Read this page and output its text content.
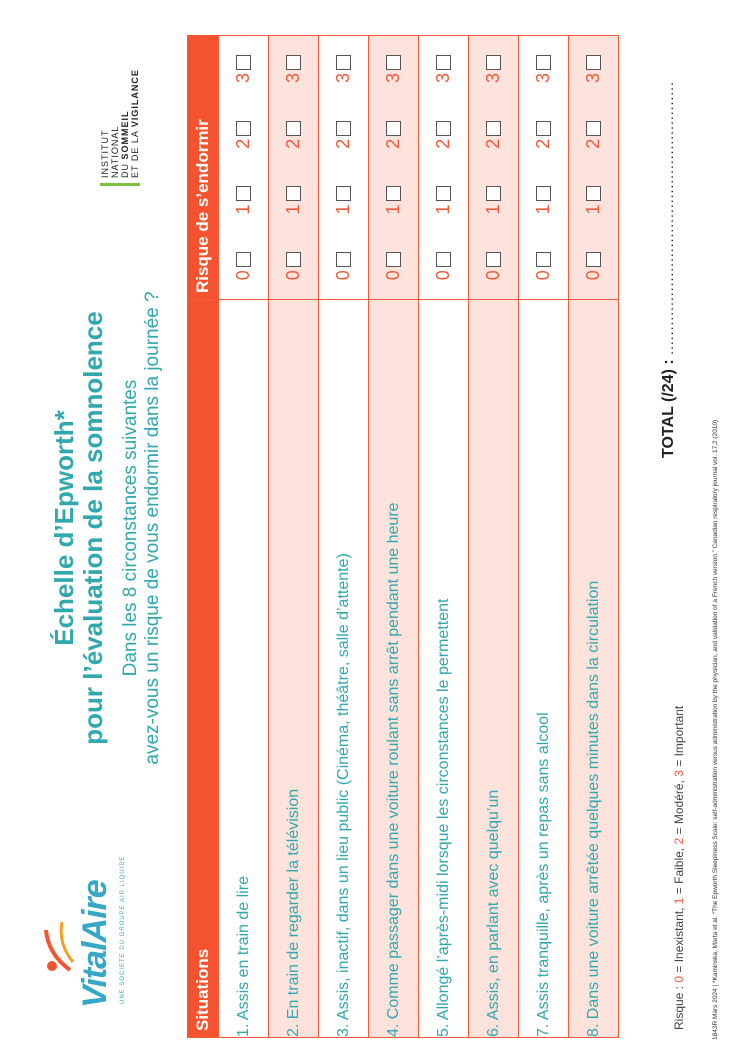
VitalAire UNE SOCIETE DU GROUPE AIR LIQUIDE
Échelle d’Epworth* pour l’évaluation de la somnolence Dans les 8 circonstances suivantes avez-vous un risque de vous endormir dans la journée ?
INSTITUT NATIONAL DU SOMMEIL ET DE LA VIGILANCE
Situations	Risque de s’endormir
1. Assis en train de lire	0
1
2
3

2. En train de regarder la télévision	0
1
2
3

3. Assis, inactif, dans un lieu public (Cinéma, théâtre, salle d’attente)	0
1
2
3

4. Comme passager dans une voiture roulant sans arrêt pendant une heure	0
1
2
3

5. Allongé l’après-midi lorsque les circonstances le permettent	0
1
2
3

6. Assis, en parlant avec quelqu’un	0
1
2
3

7. Assis tranquille, après un repas sans alcool	0
1
2
3

8. Dans une voiture arrêtée quelques minutes dans la circulation	0
1
2
3
Risque : 0 = Inexistant, 1 = Faible, 2 = Modéré, 3 = Important
TOTAL (/24) : ........................................................
1843R Mars 2024 | *Kaminska, Marta et al. “The Epworth Sleepiness Scale: self-administration versus administration by the physician, and validation of a French version.” Canadian respiratory journal vol. 17,2 (2010)
